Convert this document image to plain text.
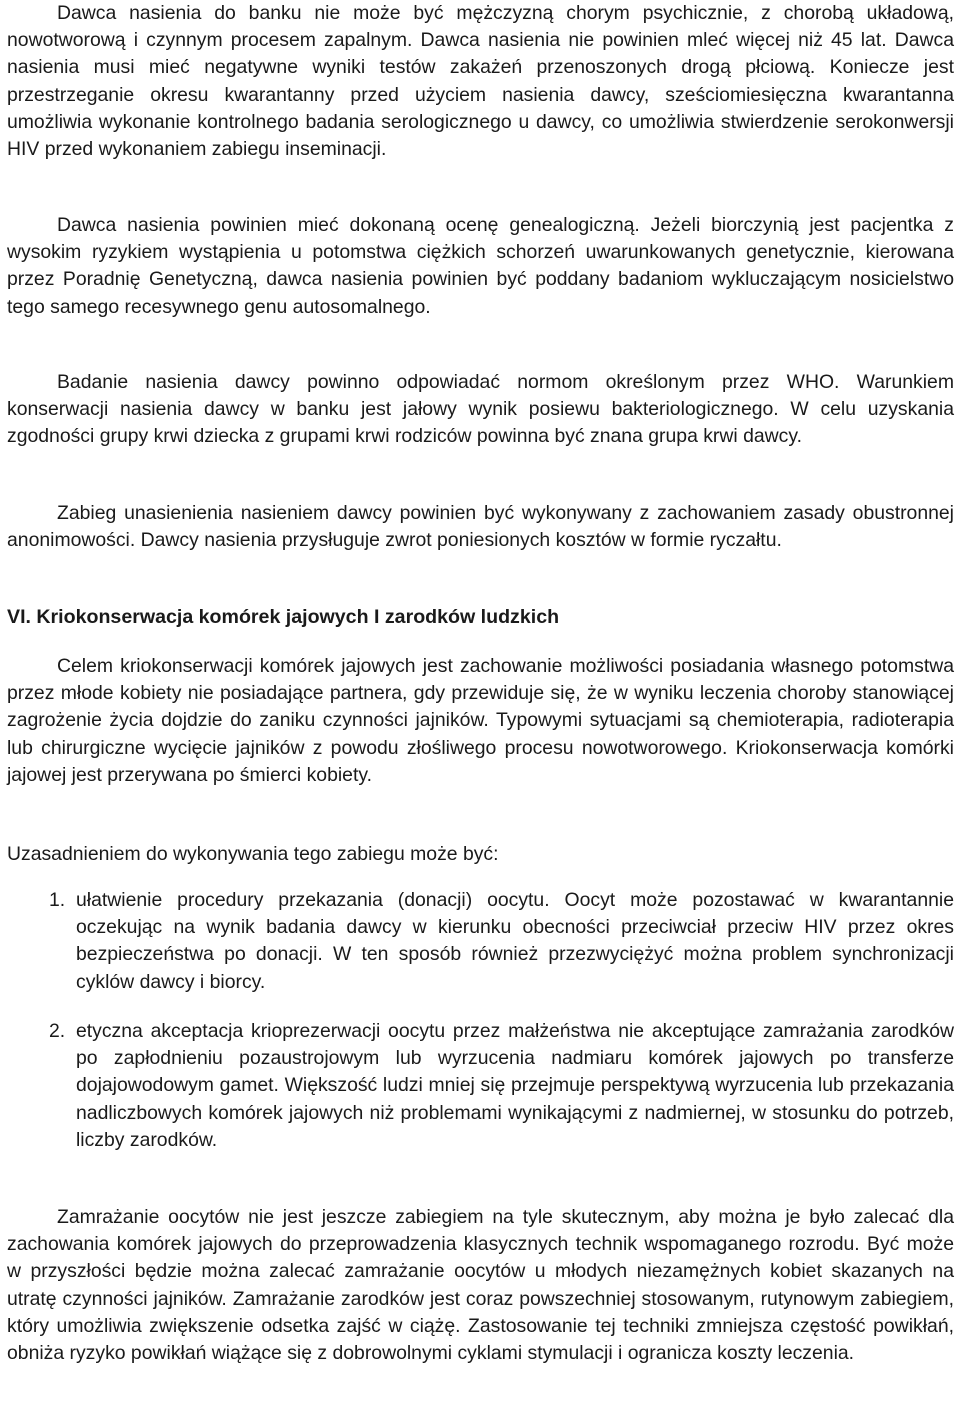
Dawca nasienia do banku nie może być mężczyzną chorym psychicznie, z chorobą układową, nowotworową i czynnym procesem zapalnym. Dawca nasienia nie powinien mleć więcej niż 45 lat. Dawca nasienia musi mieć negatywne wyniki testów zakażeń przenoszonych drogą płciową. Koniecze jest przestrzeganie okresu kwarantanny przed użyciem nasienia dawcy, sześciomiesięczna kwarantanna umożliwia wykonanie kontrolnego badania serologicznego u dawcy, co umożliwia stwierdzenie serokonwersji HIV przed wykonaniem zabiegu inseminacji.

Dawca nasienia powinien mieć dokonaną ocenę genealogiczną. Jeżeli biorczynią jest pacjentka z wysokim ryzykiem wystąpienia u potomstwa ciężkich schorzeń uwarunkowanych genetycznie, kierowana przez Poradnię Genetyczną, dawca nasienia powinien być poddany badaniom wykluczającym nosicielstwo tego samego recesywnego genu autosomalnego.

Badanie nasienia dawcy powinno odpowiadać normom określonym przez WHO. Warunkiem konserwacji nasienia dawcy w banku jest jałowy wynik posiewu bakteriologicznego. W celu uzyskania zgodności grupy krwi dziecka z grupami krwi rodziców powinna być znana grupa krwi dawcy.

Zabieg unasienienia nasieniem dawcy powinien być wykonywany z zachowaniem zasady obustronnej anonimowości. Dawcy nasienia przysługuje zwrot poniesionych kosztów w formie ryczałtu.

VI. Kriokonserwacja komórek jajowych I zarodków ludzkich

Celem kriokonserwacji komórek jajowych jest zachowanie możliwości posiadania własnego potomstwa przez młode kobiety nie posiadające partnera, gdy przewiduje się, że w wyniku leczenia choroby stanowiącej zagrożenie życia dojdzie do zaniku czynności jajników. Typowymi sytuacjami są chemioterapia, radioterapia lub chirurgiczne wycięcie jajników z powodu złośliwego procesu nowotworowego. Kriokonserwacja komórki jajowej jest przerywana po śmierci kobiety.

Uzasadnieniem do wykonywania tego zabiegu może być:

1. ułatwienie procedury przekazania (donacji) oocytu. Oocyt może pozostawać w kwarantannie oczekując na wynik badania dawcy w kierunku obecności przeciwciał przeciw HIV przez okres bezpieczeństwa po donacji. W ten sposób również przezwyciężyć można problem synchronizacji cyklów dawcy i biorcy.
2. etyczna akceptacja krioprezerwacji oocytu przez małżeństwa nie akceptujące zamrażania zarodków po zapłodnieniu pozaustrojowym lub wyrzucenia nadmiaru komórek jajowych po transferze dojajowodowym gamet. Większość ludzi mniej się przejmuje perspektywą wyrzucenia lub przekazania nadliczbowych komórek jajowych niż problemami wynikającymi z nadmiernej, w stosunku do potrzeb, liczby zarodków.

Zamrażanie oocytów nie jest jeszcze zabiegiem na tyle skutecznym, aby można je było zalecać dla zachowania komórek jajowych do przeprowadzenia klasycznych technik wspomaganego rozrodu. Być może w przyszłości będzie można zalecać zamrażanie oocytów u młodych niezamężnych kobiet skazanych na utratę czynności jajników. Zamrażanie zarodków jest coraz powszechniej stosowanym, rutynowym zabiegiem, który umożliwia zwiększenie odsetka zajść w ciążę. Zastosowanie tej techniki zmniejsza częstość powikłań, obniża ryzyko powikłań wiążące się z dobrowolnymi cyklami stymulacji i ogranicza koszty leczenia.
